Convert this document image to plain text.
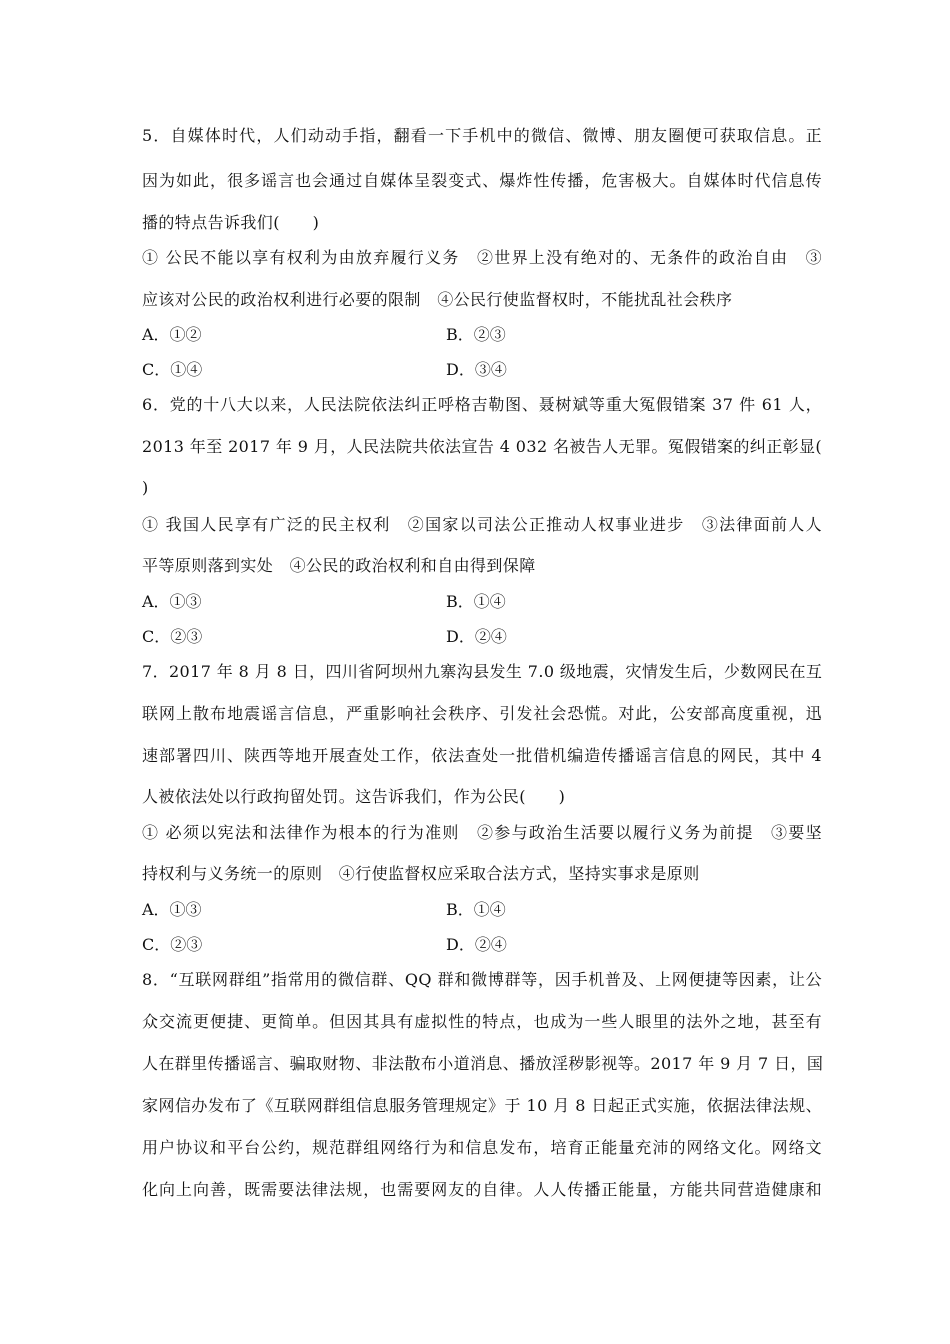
5．自媒体时代，人们动动手指，翻看一下手机中的微信、微博、朋友圈便可获取信息。正
因为如此，很多谣言也会通过自媒体呈裂变式、爆炸性传播，危害极大。自媒体时代信息传
播的特点告诉我们(　　)
① 公民不能以享有权利为由放弃履行义务　②世界上没有绝对的、无条件的政治自由　③
应该对公民的政治权利进行必要的限制　④公民行使监督权时，不能扰乱社会秩序
A．①②	B．②③
C．①④	D．③④
6．党的十八大以来，人民法院依法纠正呼格吉勒图、聂树斌等重大冤假错案 37 件 61 人，
2013 年至 2017 年 9 月，人民法院共依法宣告 4 032 名被告人无罪。冤假错案的纠正彰显(
)
① 我国人民享有广泛的民主权利　②国家以司法公正推动人权事业进步　③法律面前人人
平等原则落到实处　④公民的政治权利和自由得到保障
A．①③	B．①④
C．②③	D．②④
7．2017 年 8 月 8 日，四川省阿坝州九寨沟县发生 7.0 级地震，灾情发生后，少数网民在互
联网上散布地震谣言信息，严重影响社会秩序、引发社会恐慌。对此，公安部高度重视，迅
速部署四川、陕西等地开展查处工作，依法查处一批借机编造传播谣言信息的网民，其中 4
人被依法处以行政拘留处罚。这告诉我们，作为公民(　　)
① 必须以宪法和法律作为根本的行为准则　②参与政治生活要以履行义务为前提　③要坚
持权利与义务统一的原则　④行使监督权应采取合法方式，坚持实事求是原则
A．①③	B．①④
C．②③	D．②④
8．“互联网群组”指常用的微信群、QQ 群和微博群等，因手机普及、上网便捷等因素，让公
众交流更便捷、更简单。但因其具有虚拟性的特点，也成为一些人眼里的法外之地，甚至有
人在群里传播谣言、骗取财物、非法散布小道消息、播放淫秽影视等。2017 年 9 月 7 日，国
家网信办发布了《互联网群组信息服务管理规定》于 10 月 8 日起正式实施，依据法律法规、
用户协议和平台公约，规范群组网络行为和信息发布，培育正能量充沛的网络文化。网络文
化向上向善，既需要法律法规，也需要网友的自律。人人传播正能量，方能共同营造健康和
